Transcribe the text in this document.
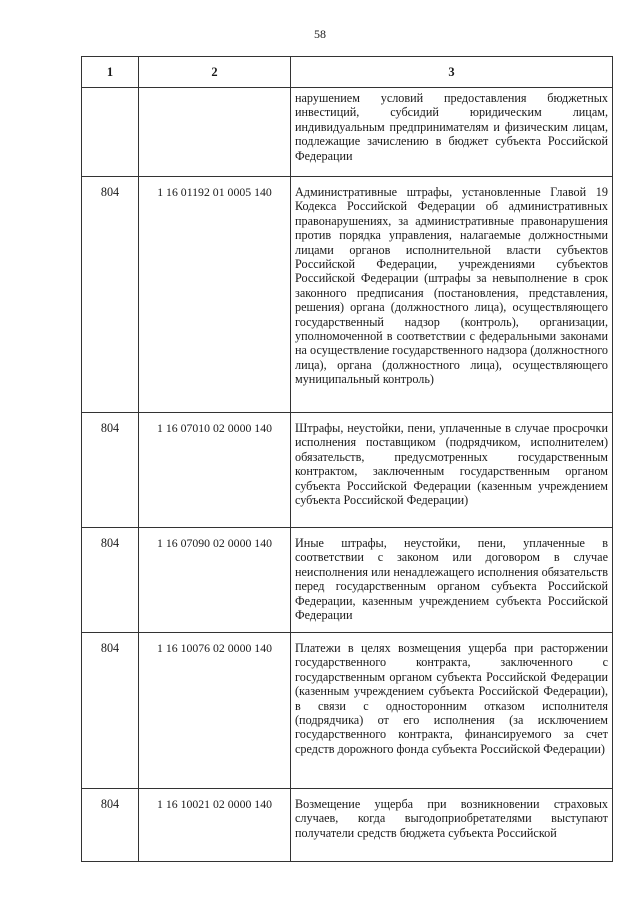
58
1	2	3
		нарушением условий предоставления бюджетных инвестиций, субсидий юридическим лицам, индивидуальным предпринимателям и физическим лицам, подлежащие зачислению в бюджет субъекта Российской Федерации
804	1 16 01192 01 0005 140	Административные штрафы, установленные Главой 19 Кодекса Российской Федерации об административных правонарушениях, за административные правонарушения против порядка управления, налагаемые должностными лицами органов исполнительной власти субъектов Российской Федерации, учреждениями субъектов Российской Федерации (штрафы за невыполнение в срок законного предписания (постановления, представления, решения) органа (должностного лица), осуществляющего государственный надзор (контроль), организации, уполномоченной в соответствии с федеральными законами на осуществление государственного надзора (должностного лица), органа (должностного лица), осуществляющего муниципальный контроль)
804	1 16 07010 02 0000 140	Штрафы, неустойки, пени, уплаченные в случае просрочки исполнения поставщиком (подрядчиком, исполнителем) обязательств, предусмотренных государственным контрактом, заключенным государственным органом субъекта Российской Федерации (казенным учреждением субъекта Российской Федерации)
804	1 16 07090 02 0000 140	Иные штрафы, неустойки, пени, уплаченные в соответствии с законом или договором в случае неисполнения или ненадлежащего исполнения обязательств перед государственным органом субъекта Российской Федерации, казенным учреждением субъекта Российской Федерации
804	1 16 10076 02 0000 140	Платежи в целях возмещения ущерба при расторжении государственного контракта, заключенного с государственным органом субъекта Российской Федерации (казенным учреждением субъекта Российской Федерации), в связи с односторонним отказом исполнителя (подрядчика) от его исполнения (за исключением государственного контракта, финансируемого за счет средств дорожного фонда субъекта Российской Федерации)
804	1 16 10021 02 0000 140	Возмещение ущерба при возникновении страховых случаев, когда выгодоприобретателями выступают получатели средств бюджета субъекта Российской
